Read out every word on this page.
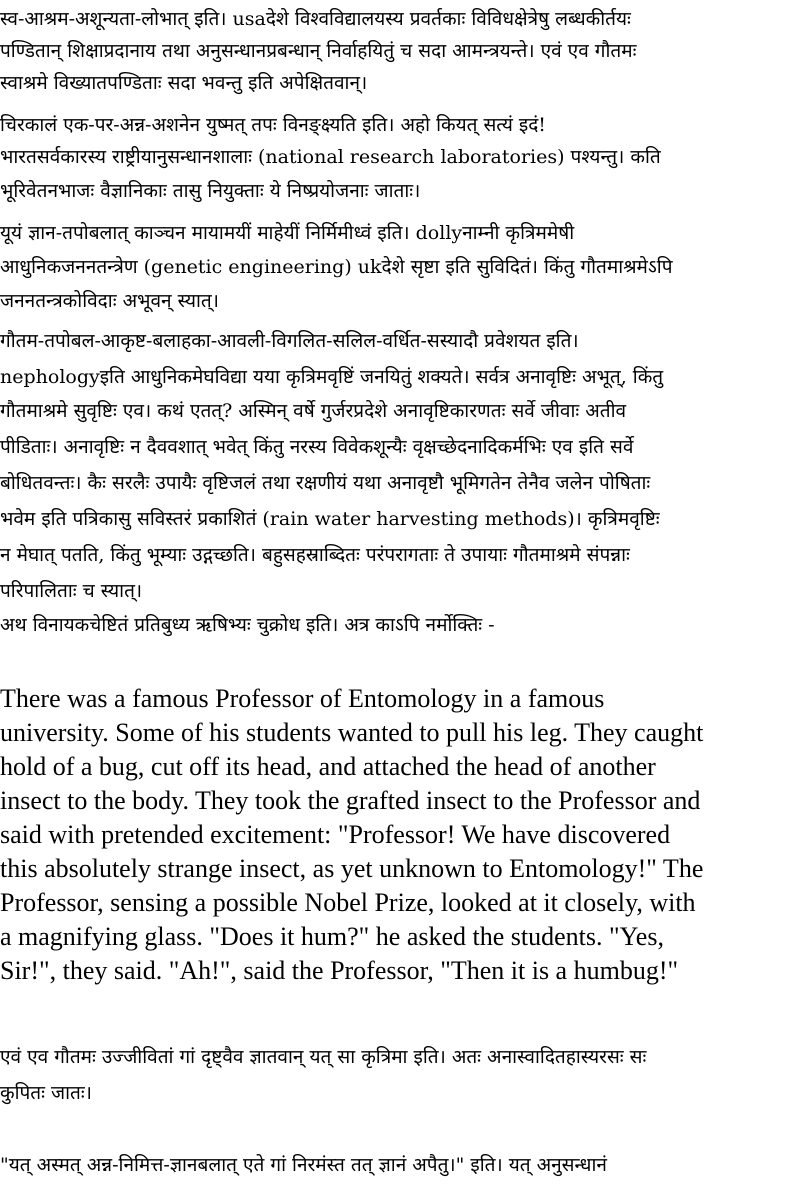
स्व-आश्रम-अशून्यता-लोभात् इति। usaदेशे विश्वविद्यालयस्य प्रवर्तकाः विविधक्षेत्रेषु लब्धकीर्तयः
पण्डितान् शिक्षाप्रदानाय तथा अनुसन्धानप्रबन्धान् निर्वाहयितुं च सदा आमन्त्रयन्ते। एवं एव गौतमः
स्वाश्रमे विख्यातपण्डिताः सदा भवन्तु इति अपेक्षितवान्।
चिरकालं एक-पर-अन्न-अशनेन युष्मत् तपः विनङ्क्ष्यति इति। अहो कियत् सत्यं इदं!
भारतसर्वकारस्य राष्ट्रीयानुसन्धानशालाः (national research laboratories) पश्यन्तु। कति
भूरिवेतनभाजः वैज्ञानिकाः तासु नियुक्ताः ये निष्प्रयोजनाः जाताः।
यूयं ज्ञान-तपोबलात् काञ्चन मायामयीं माहेयीं निर्मिमीध्वं इति। dollyनाम्नी कृत्रिममेषी
आधुनिकजननतन्त्रेण (genetic engineering) ukदेशे सृष्टा इति सुविदितं। किंतु गौतमाश्रमेऽपि
जननतन्त्रकोविदाः अभूवन् स्यात्।
गौतम-तपोबल-आकृष्ट-बलाहका-आवली-विगलित-सलिल-वर्धित-सस्यादौ प्रवेशयत इति।
nephologyइति आधुनिकमेघविद्या यया कृत्रिमवृष्टिं जनयितुं शक्यते। सर्वत्र अनावृष्टिः अभूत्, किंतु
गौतमाश्रमे सुवृष्टिः एव। कथं एतत्? अस्मिन् वर्षे गुर्जरप्रदेशे अनावृष्टिकारणतः सर्वे जीवाः अतीव
पीडिताः। अनावृष्टिः न दैववशात् भवेत् किंतु नरस्य विवेकशून्यैः वृक्षच्छेदनादिकर्मभिः एव इति सर्वे
बोधितवन्तः। कैः सरलैः उपायैः वृष्टिजलं तथा रक्षणीयं यथा अनावृष्टौ भूमिगतेन तेनैव जलेन पोषिताः
भवेम इति पत्रिकासु सविस्तरं प्रकाशितं (rain water harvesting methods)। कृत्रिमवृष्टिः
न मेघात् पतति, किंतु भूम्याः उद्गच्छति। बहुसहस्राब्दितः परंपरागताः ते उपायाः गौतमाश्रमे संपन्नाः
परिपालिताः च स्यात्।
अथ विनायकचेष्टितं प्रतिबुध्य ऋषिभ्यः चुक्रोध इति। अत्र काऽपि नर्मोक्तिः -
There was a famous Professor of Entomology in a famous
university. Some of his students wanted to pull his leg. They caught
hold of a bug, cut off its head, and attached the head of another
insect to the body. They took the grafted insect to the Professor and
said with pretended excitement: "Professor! We have discovered
this absolutely strange insect, as yet unknown to Entomology!" The
Professor, sensing a possible Nobel Prize, looked at it closely, with
a magnifying glass. "Does it hum?" he asked the students. "Yes,
Sir!", they said. "Ah!", said the Professor, "Then it is a humbug!"
एवं एव गौतमः उज्जीवितां गां दृष्ट्वैव ज्ञातवान् यत् सा कृत्रिमा इति। अतः अनास्वादितहास्यरसः सः
कुपितः जातः।
"यत् अस्मत् अन्न-निमित्त-ज्ञानबलात् एते गां निरमंस्त तत् ज्ञानं अपैतु।" इति। यत् अनुसन्धानं
